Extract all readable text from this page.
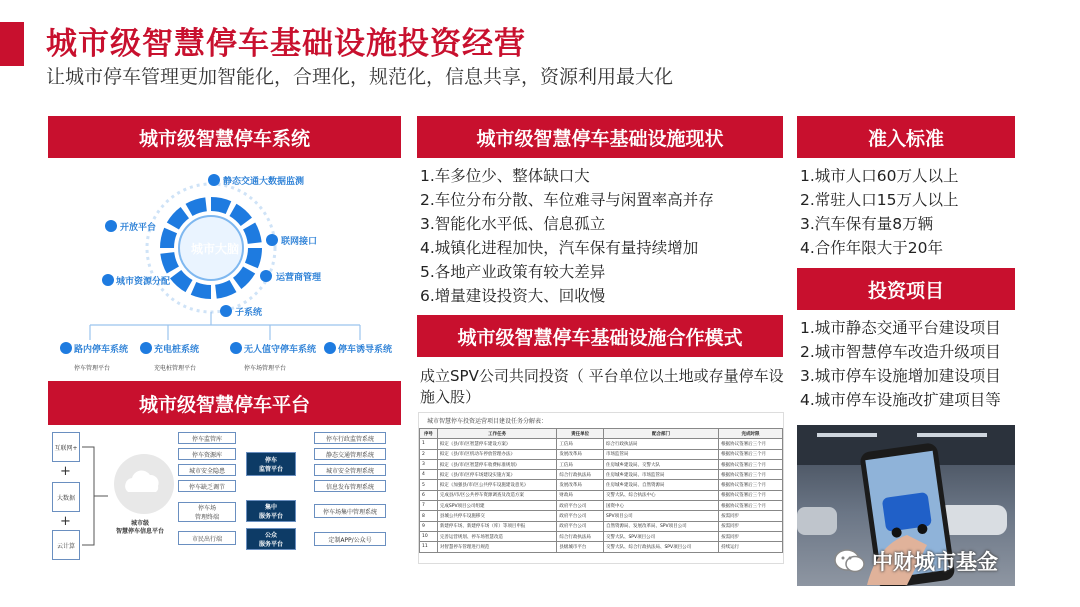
城市级智慧停车基础设施投资经营
让城市停车管理更加智能化，合理化，规范化，信息共享，资源利用最大化
城市级智慧停车系统
城市大脑
静态交通大数据监测
开放平台
联网接口
城市资源分配	运营商管理
子系统
路内停车系统	充电桩系统	无人值守停车系统 停车诱导系统
停车管理平台	充电桩管理平台	停车场管理平台
城市级智慧停车平台
互联网+
+
大数据
+
云计算
城市级
智慧停车信息平台
停车监管库
停车资源库
城市安全隐患
停车缺乏调节
停车场
管理终端
市民出行端
停车
监管平台
集中
服务平台
公众
服务平台
停车行政监管系统
静态交通管理系统
城市安全管理系统
信息发布管理系统
停车场集中管理系统
定制APP/公众号
城市级智慧停车基础设施现状
1.车多位少、整体缺口大
2.车位分布分散、车位难寻与闲置率高并存
3.智能化水平低、信息孤立
4.城镇化进程加快，汽车保有量持续增加
5.各地产业政策有较大差异
6.增量建设投资大、回收慢
城市级智慧停车基础设施合作模式
成立SPV公司共同投资（ 平台单位以土地或存量停车设施入股）
城市智慧停车投资运营项目建设任务分解表：
序号	工作任务	责任单位	配合部门	完成时限
1	拟定《县/市/区智慧停车建设方案》	工信局	综合行政执法局	根据协议签署后三个月
2	拟定《县/市/区机动车停放管理办法》	发展改革局	市场监管局	根据协议签署后三个月
3	拟定《县/市/区智慧停车收费标准规划》	工信局	住房城乡建设局、交警大队	根据协议签署后三个月
4	拟定《县/市/区停车场建设实施方案》	综合行政执法局	住房城乡建设局、市场监管局	根据协议签署后三个月
5	拟定《加强县/市/区公共停车设施建设意见》	发展改革局	住房城乡建设局、自然资源局	根据协议签署后三个月
6	完成县/市/区公共停车资源调查及改造方案	财政局	交警大队、综合执法中心	根据协议签署后三个月
7	完成SPV项目公司组建	政府平台公司	国资中心	根据协议签署后三个月
8	县城公共停车设施移交	政府平台公司	SPV项目公司	按需同步
9	新建停车场、新建停车场（库）等项目申报	政府平台公司	自然资源局、发展改革局、SPV项目公司	按需同步
10	完善运营规划、停车场智慧改造	综合行政执法局	交警大队、SPV项目公司	按需同步
11	对智慧停车管理进行规范	县级城市平台	交警大队、综合行政执法局、SPV项目公司	持续运行
准入标准
1.城市人口60万人以上
2.常驻人口15万人以上
3.汽车保有量8万辆
4.合作年限大于20年
投资项目
1.城市静态交通平台建设项目
2.城市智慧停车改造升级项目
3.城市停车设施增加建设项目
4.城市停车设施改扩建项目等
中财城市基金
